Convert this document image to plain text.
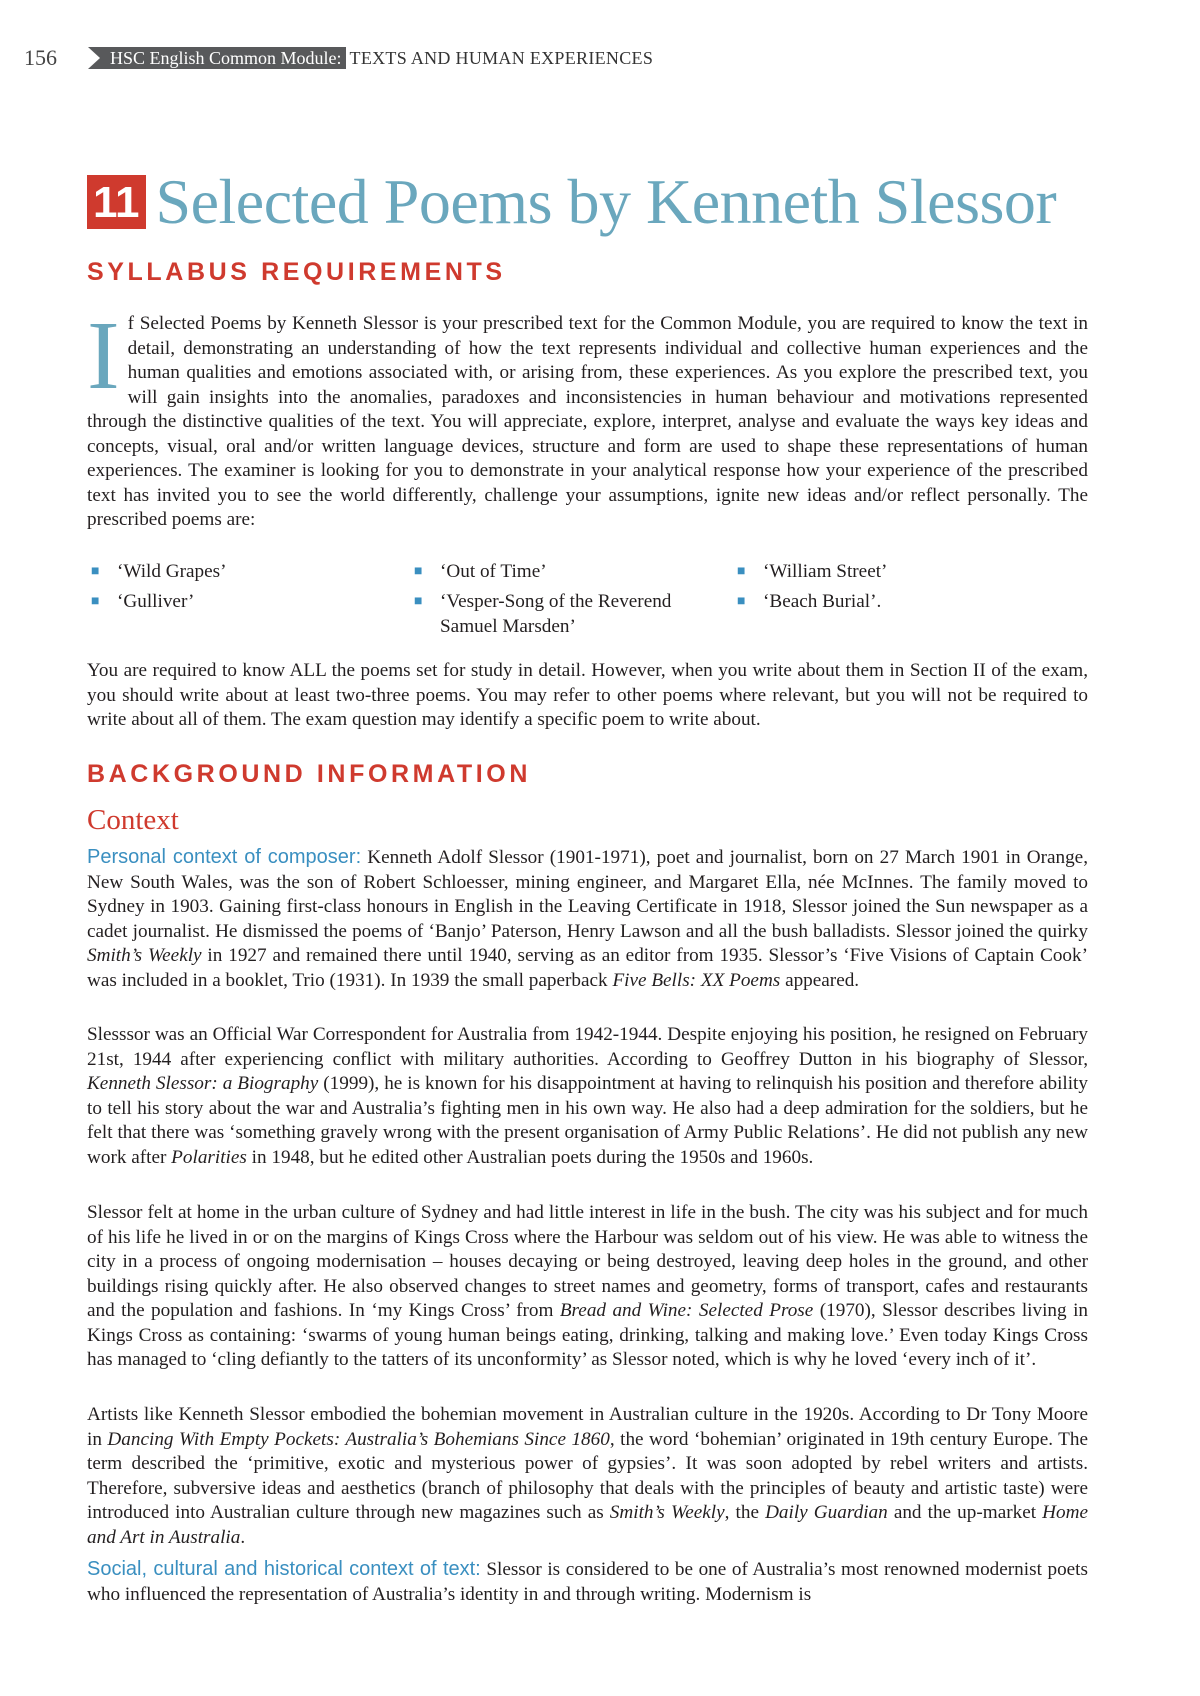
156	HSC English Common Module: TEXTS AND HUMAN EXPERIENCES
11 Selected Poems by Kenneth Slessor
SYLLABUS REQUIREMENTS

If Selected Poems by Kenneth Slessor is your prescribed text for the Common Module, you are required to know the text in detail, demonstrating an understanding of how the text represents individual and collective human experiences and the human qualities and emotions associated with, or arising from, these experiences. As you explore the prescribed text, you will gain insights into the anomalies, paradoxes and inconsistencies in human behaviour and motivations represented through the distinctive qualities of the text. You will appreciate, explore, interpret, analyse and evaluate the ways key ideas and concepts, visual, oral and/or written language devices, structure and form are used to shape these representations of human experiences. The examiner is looking for you to demonstrate in your analytical response how your experience of the prescribed text has invited you to see the world differently, challenge your assumptions, ignite new ideas and/or reflect personally. The prescribed poems are:

■ ‘Wild Grapes’	■ ‘Out of Time’	■ ‘William Street’
■ ‘Gulliver’	■ ‘Vesper-Song of the Reverend Samuel Marsden’
■ ‘Beach Burial’.

You are required to know ALL the poems set for study in detail. However, when you write about them in Section II of the exam, you should write about at least two-three poems. You may refer to other poems where relevant, but you will not be required to write about all of them. The exam question may identify a specific poem to write about.

BACKGROUND INFORMATION
Context

Personal context of composer: Kenneth Adolf Slessor (1901-1971), poet and journalist, born on 27 March 1901 in Orange, New South Wales, was the son of Robert Schloesser, mining engineer, and Margaret Ella, née McInnes. The family moved to Sydney in 1903. Gaining first-class honours in English in the Leaving Certificate in 1918, Slessor joined the Sun newspaper as a cadet journalist. He dismissed the poems of ‘Banjo’ Paterson, Henry Lawson and all the bush balladists. Slessor joined the quirky Smith’s Weekly in 1927 and remained there until 1940, serving as an editor from 1935. Slessor’s ‘Five Visions of Captain Cook’ was included in a booklet, Trio (1931). In 1939 the small paperback Five Bells: XX Poems appeared.

Slesssor was an Official War Correspondent for Australia from 1942-1944. Despite enjoying his position, he resigned on February 21st, 1944 after experiencing conflict with military authorities. According to Geoffrey Dutton in his biography of Slessor, Kenneth Slessor: a Biography (1999), he is known for his disappointment at having to relinquish his position and therefore ability to tell his story about the war and Australia’s fighting men in his own way. He also had a deep admiration for the soldiers, but he felt that there was ‘something gravely wrong with the present organisation of Army Public Relations’. He did not publish any new work after Polarities in 1948, but he edited other Australian poets during the 1950s and 1960s.

Slessor felt at home in the urban culture of Sydney and had little interest in life in the bush. The city was his subject and for much of his life he lived in or on the margins of Kings Cross where the Harbour was seldom out of his view. He was able to witness the city in a process of ongoing modernisation – houses decaying or being destroyed, leaving deep holes in the ground, and other buildings rising quickly after. He also observed changes to street names and geometry, forms of transport, cafes and restaurants and the population and fashions. In ‘my Kings Cross’ from Bread and Wine: Selected Prose (1970), Slessor describes living in Kings Cross as containing: ‘swarms of young human beings eating, drinking, talking and making love.’ Even today Kings Cross has managed to ‘cling defiantly to the tatters of its unconformity’ as Slessor noted, which is why he loved ‘every inch of it’.

Artists like Kenneth Slessor embodied the bohemian movement in Australian culture in the 1920s. According to Dr Tony Moore in Dancing With Empty Pockets: Australia’s Bohemians Since 1860, the word ‘bohemian’ originated in 19th century Europe. The term described the ‘primitive, exotic and mysterious power of gypsies’. It was soon adopted by rebel writers and artists. Therefore, subversive ideas and aesthetics (branch of philosophy that deals with the principles of beauty and artistic taste) were introduced into Australian culture through new magazines such as Smith’s Weekly, the Daily Guardian and the up-market Home and Art in Australia.

Social, cultural and historical context of text: Slessor is considered to be one of Australia’s most renowned modernist poets who influenced the representation of Australia’s identity in and through writing. Modernism is
